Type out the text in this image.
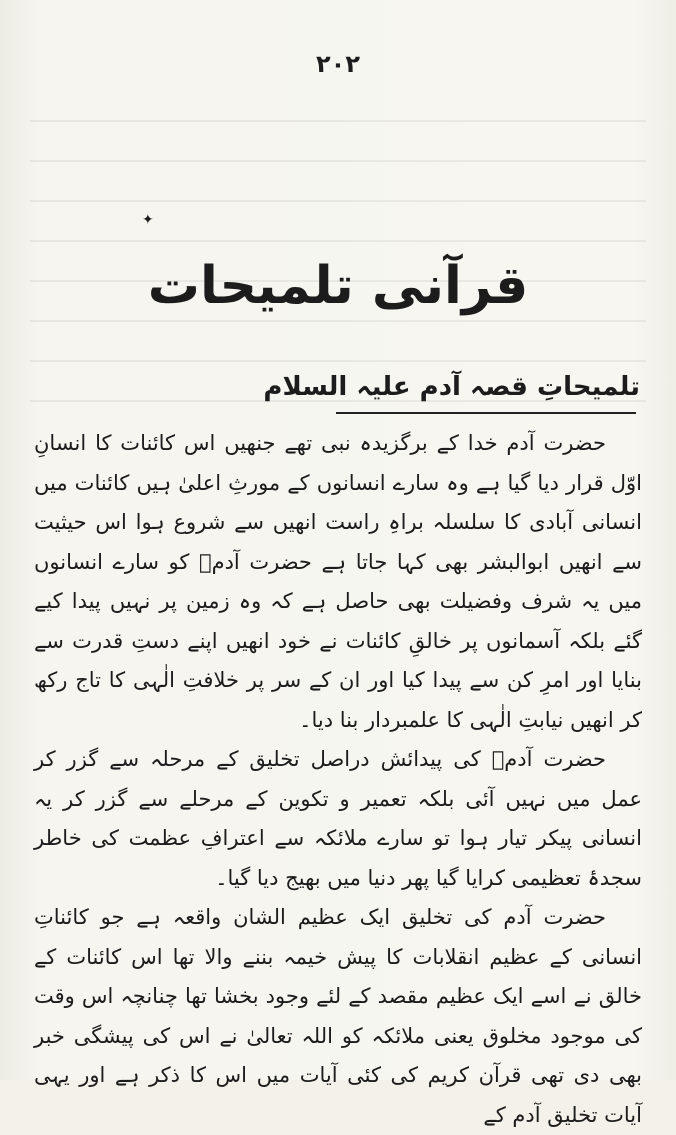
۲۰۲
✦
قرآنی تلمیحات
تلمیحاتِ قصہ آدم علیہ السلام

حضرت آدم خدا کے برگزیدہ نبی تھے جنھیں اس کائنات کا انسانِ اوّل قرار دیا گیا ہے وہ سارے انسانوں کے مورثِ اعلیٰ ہیں کائنات میں انسانی آبادی کا سلسلہ براہِ راست انھیں سے شروع ہوا اس حیثیت سے انھیں ابوالبشر بھی کہا جاتا ہے حضرت آدمؑ کو سارے انسانوں میں یہ شرف وفضیلت بھی حاصل ہے کہ وہ زمین پر نہیں پیدا کیے گئے بلکہ آسمانوں پر خالقِ کائنات نے خود انھیں اپنے دستِ قدرت سے بنایا اور امرِ کن سے پیدا کیا اور ان کے سر پر خلافتِ الٰہی کا تاج رکھ کر انھیں نیابتِ الٰہی کا علمبردار بنا دیا۔

حضرت آدمؑ کی پیدائش دراصل تخلیق کے مرحلہ سے گزر کر عمل میں نہیں آئی بلکہ تعمیر و تکوین کے مرحلے سے گزر کر یہ انسانی پیکر تیار ہوا تو سارے ملائکہ سے اعترافِ عظمت کی خاطر سجدۂ تعظیمی کرایا گیا پھر دنیا میں بھیج دیا گیا۔

حضرت آدم کی تخلیق ایک عظیم الشان واقعہ ہے جو کائناتِ انسانی کے عظیم انقلابات کا پیش خیمہ بننے والا تھا اس کائنات کے خالق نے اسے ایک عظیم مقصد کے لئے وجود بخشا تھا چنانچہ اس وقت کی موجود مخلوق یعنی ملائکہ کو اللہ تعالیٰ نے اس کی پیشگی خبر بھی دی تھی قرآن کریم کی کئی آیات میں اس کا ذکر ہے اور یہی آیات تخلیق آدم کے
